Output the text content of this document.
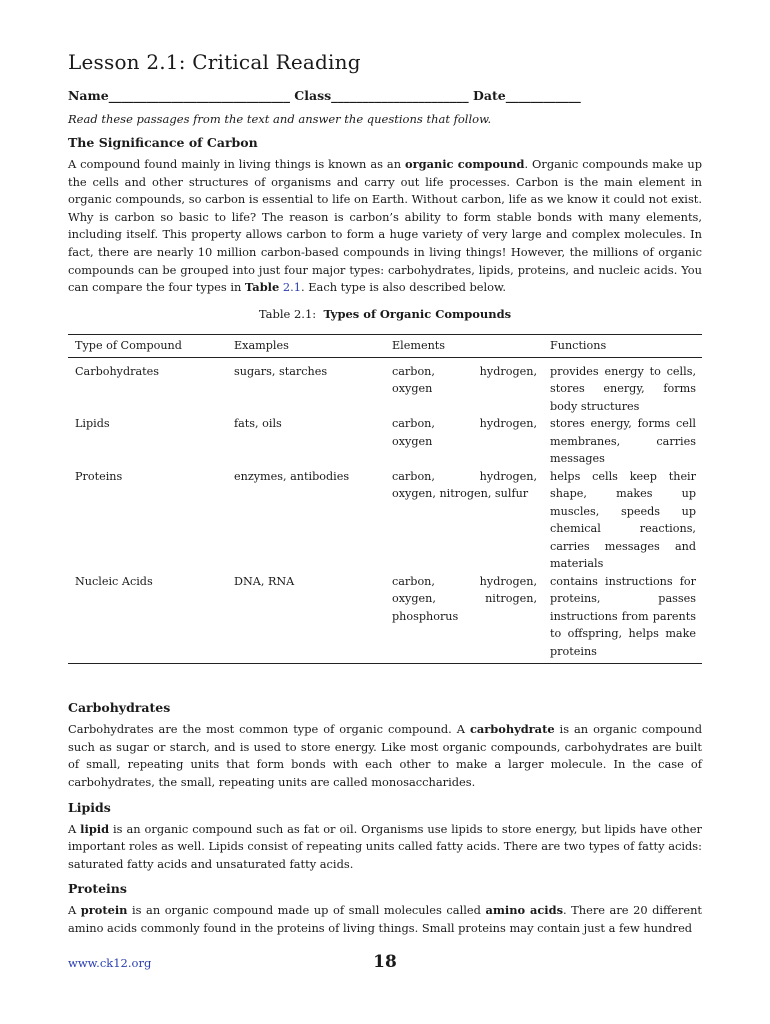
Lesson 2.1: Critical Reading
Name_____________________________ Class______________________ Date____________
Read these passages from the text and answer the questions that follow.
The Significance of Carbon

A compound found mainly in living things is known as an organic compound. Organic compounds make up the cells and other structures of organisms and carry out life processes. Carbon is the main element in organic compounds, so carbon is essential to life on Earth. Without carbon, life as we know it could not exist. Why is carbon so basic to life? The reason is carbon’s ability to form stable bonds with many elements, including itself. This property allows carbon to form a huge variety of very large and complex molecules. In fact, there are nearly 10 million carbon-based compounds in living things! However, the millions of organic compounds can be grouped into just four major types: carbohydrates, lipids, proteins, and nucleic acids. You can compare the four types in Table 2.1. Each type is also described below.

Table 2.1: Types of Organic Compounds
Type of Compound	Examples	Elements	Functions
Carbohydrates	sugars, starches	carbon, hydrogen, oxygen	provides energy to cells, stores energy, forms body structures
Lipids	fats, oils	carbon, hydrogen, oxygen	stores energy, forms cell membranes, carries messages
Proteins	enzymes, antibodies	carbon, hydrogen, oxygen, nitrogen, sulfur	helps cells keep their shape, makes up muscles, speeds up chemical reactions, carries messages and materials
Nucleic Acids	DNA, RNA	carbon, hydrogen, oxygen, nitrogen, phosphorus	contains instructions for proteins, passes instructions from parents to offspring, helps make proteins
Carbohydrates

Carbohydrates are the most common type of organic compound. A carbohydrate is an organic compound such as sugar or starch, and is used to store energy. Like most organic compounds, carbohydrates are built of small, repeating units that form bonds with each other to make a larger molecule. In the case of carbohydrates, the small, repeating units are called monosaccharides.

Lipids

A lipid is an organic compound such as fat or oil. Organisms use lipids to store energy, but lipids have other important roles as well. Lipids consist of repeating units called fatty acids. There are two types of fatty acids: saturated fatty acids and unsaturated fatty acids.

Proteins

A protein is an organic compound made up of small molecules called amino acids. There are 20 different amino acids commonly found in the proteins of living things. Small proteins may contain just a few hundred

www.ck12.org	18
